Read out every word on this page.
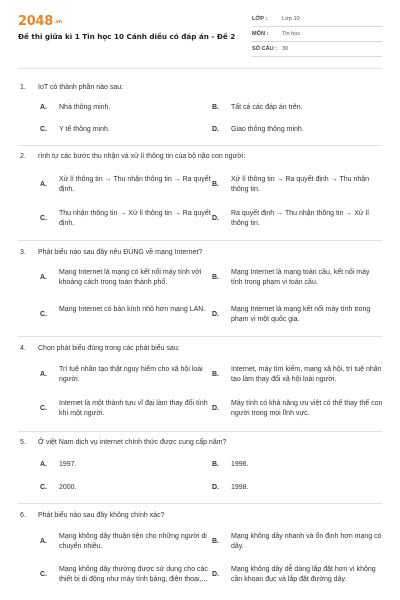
2048.vn
Đề thi giữa kì 1 Tin học 10 Cánh diều có đáp án - Đề 2
LỚP :	Lớp 10
MÔN : Tin học
SỐ CÂU : 30
1. IoT có thành phần nào sau:
A. Nhà thông minh.	B. Tất cả các đáp án trên.
C. Y tế thông minh.	D. Giao thông thông minh.
2. rình tự các bước thu nhận và xử lí thông tin của bộ não con người:
A.
Xử lí thông tin → Thu nhận thông tin → Ra quyết định.
B.
Xử lí thông tin → Ra quyết định → Thu nhận thông tin.
C.
Thu nhận thông tin → Xử lí thông tin → Ra quyết định.
D.
Ra quyết định → Thu nhận thông tin → Xử lí thông tin.
3. Phát biểu nào sau đây nêu ĐÚNG về mạng Internet?
A.
Mạng Internet là mạng có kết nối máy tính với khoảng cách trong toàn thành phố.
B.
Mạng Internet là mạng toàn cầu, kết nối máy tính trong phạm vi toàn cầu.
C.
Mạng Internet có bán kính nhỏ hơn mạng LAN.
D.
Mạng Internet là mạng kết nối máy tính trong phạm vi một quốc gia.
4. Chọn phát biểu đúng trong các phát biểu sau:
A.
Trí tuệ nhân tạo thật nguy hiểm cho xã hội loài người.
B.
Internet, máy tìm kiếm, mạng xã hội, trí tuệ nhân tạo làm thay đổi xã hội loài người.
C.
Internet là một thành tựu vĩ đại làm thay đổi tính khí một người.
D.
Máy tính có khả năng ưu việt có thể thay thế con người trong mọi lĩnh vực.
5. Ở việt Nam dịch vụ internet chính thức được cung cấp năm?
A. 1997.	B. 1996.
C. 2000.	D. 1998.
6. Phát biểu nào sau đây không chính xác?
A.
Mạng không dây thuận tiện cho những người di chuyển nhiều.
B.
Mạng không dây nhanh và ổn định hơn mạng có dây.
C.
Mạng không dây thường được sử dụng cho các thiết bị di động như máy tính bảng, điện thoại,...
D.
Mạng không dây dễ dàng lắp đặt hơn vì không cần khoan đục và lắp đặt đường dây.
